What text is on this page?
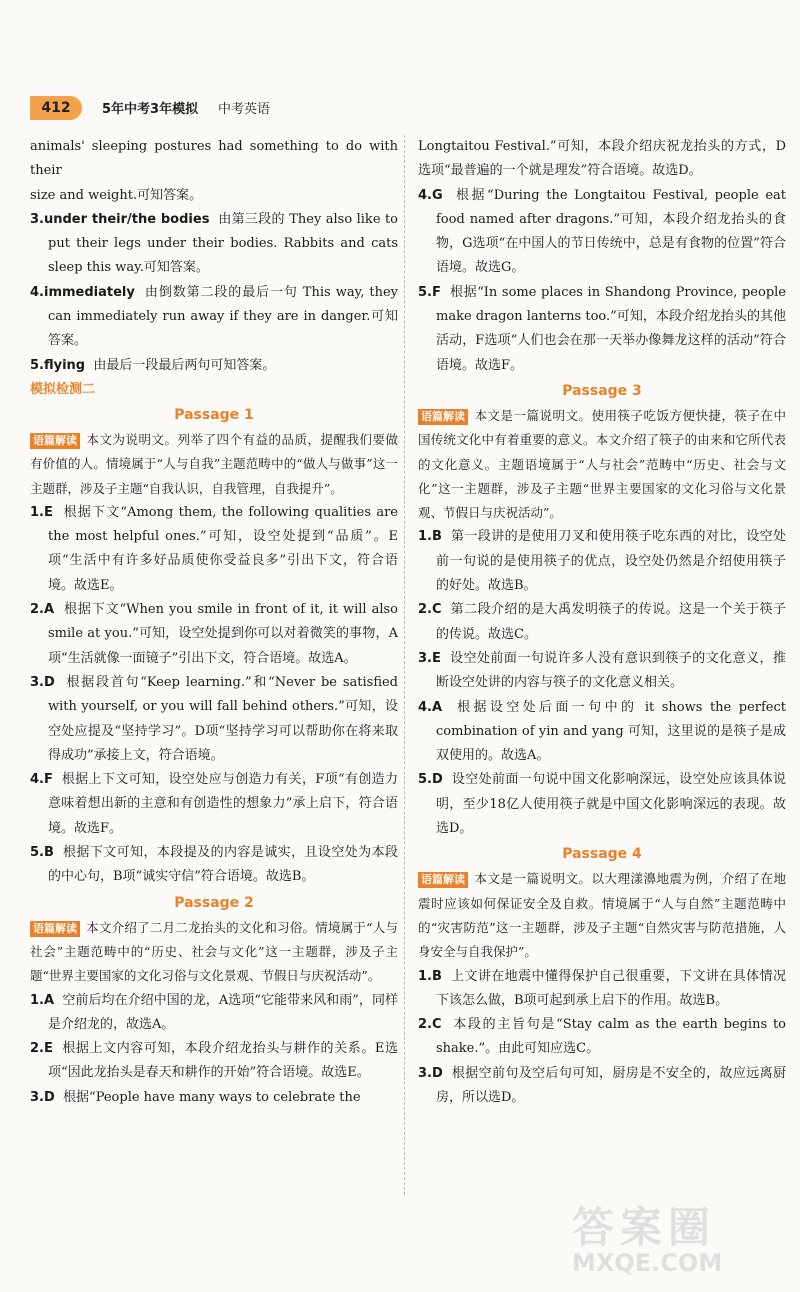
412	5年中考3年模拟 中考英语

animals' sleeping postures had something to do with their

size and weight.可知答案。

3.under their/the bodies 由第三段的 They also like to put their legs under their bodies. Rabbits and cats sleep this way.可知答案。

4.immediately 由倒数第二段的最后一句 This way, they can immediately run away if they are in danger.可知答案。

5.flying 由最后一段最后两句可知答案。

模拟检测二
Passage 1

语篇解读 本文为说明文。列举了四个有益的品质，提醒我们要做有价值的人。情境属于“人与自我”主题范畴中的“做人与做事”这一主题群，涉及子主题“自我认识，自我管理，自我提升”。

1.E 根据下文“Among them, the following qualities are the most helpful ones.”可知，设空处提到“品质”。E项“生活中有许多好品质使你受益良多”引出下文，符合语境。故选E。

2.A 根据下文“When you smile in front of it, it will also smile at you.”可知，设空处提到你可以对着微笑的事物，A项“生活就像一面镜子”引出下文，符合语境。故选A。

3.D 根据段首句“Keep learning.”和“Never be satisfied with yourself, or you will fall behind others.”可知，设空处应提及“坚持学习”。D项“坚持学习可以帮助你在将来取得成功”承接上文，符合语境。

4.F 根据上下文可知，设空处应与创造力有关，F项“有创造力意味着想出新的主意和有创造性的想象力”承上启下，符合语境。故选F。

5.B 根据下文可知，本段提及的内容是诚实，且设空处为本段的中心句，B项“诚实守信”符合语境。故选B。

Passage 2

语篇解读 本文介绍了二月二龙抬头的文化和习俗。情境属于“人与社会”主题范畴中的“历史、社会与文化”这一主题群，涉及子主题“世界主要国家的文化习俗与文化景观、节假日与庆祝活动”。

1.A 空前后均在介绍中国的龙，A选项“它能带来风和雨”，同样是介绍龙的，故选A。

2.E 根据上文内容可知，本段介绍龙抬头与耕作的关系。E选项“因此龙抬头是春天和耕作的开始”符合语境。故选E。

3.D 根据“People have many ways to celebrate the

Longtaitou Festival.”可知，本段介绍庆祝龙抬头的方式，D选项“最普遍的一个就是理发”符合语境。故选D。

4.G 根据“During the Longtaitou Festival, people eat food named after dragons.”可知，本段介绍龙抬头的食物，G选项“在中国人的节日传统中，总是有食物的位置”符合语境。故选G。

5.F 根据“In some places in Shandong Province, people make dragon lanterns too.”可知，本段介绍龙抬头的其他活动，F选项“人们也会在那一天举办像舞龙这样的活动”符合语境。故选F。

Passage 3

语篇解读 本文是一篇说明文。使用筷子吃饭方便快捷，筷子在中国传统文化中有着重要的意义。本文介绍了筷子的由来和它所代表的文化意义。主题语境属于“人与社会”范畴中“历史、社会与文化”这一主题群，涉及子主题“世界主要国家的文化习俗与文化景观、节假日与庆祝活动”。

1.B 第一段讲的是使用刀叉和使用筷子吃东西的对比，设空处前一句说的是使用筷子的优点，设空处仍然是介绍使用筷子的好处。故选B。

2.C 第二段介绍的是大禹发明筷子的传说。这是一个关于筷子的传说。故选C。

3.E 设空处前面一句说许多人没有意识到筷子的文化意义，推断设空处讲的内容与筷子的文化意义相关。

4.A 根据设空处后面一句中的 it shows the perfect combination of yin and yang 可知，这里说的是筷子是成双使用的。故选A。

5.D 设空处前面一句说中国文化影响深远，设空处应该具体说明，至少18亿人使用筷子就是中国文化影响深远的表现。故选D。

Passage 4

语篇解读 本文是一篇说明文。以大理漾濞地震为例，介绍了在地震时应该如何保证安全及自救。情境属于“人与自然”主题范畴中的“灾害防范”这一主题群，涉及子主题“自然灾害与防范措施，人身安全与自我保护”。

1.B 上文讲在地震中懂得保护自己很重要，下文讲在具体情况下该怎么做，B项可起到承上启下的作用。故选B。

2.C 本段的主旨句是“Stay calm as the earth begins to shake.”。由此可知应选C。

3.D 根据空前句及空后句可知，厨房是不安全的，故应远离厨房，所以选D。

答案圈
MXQE.COM
